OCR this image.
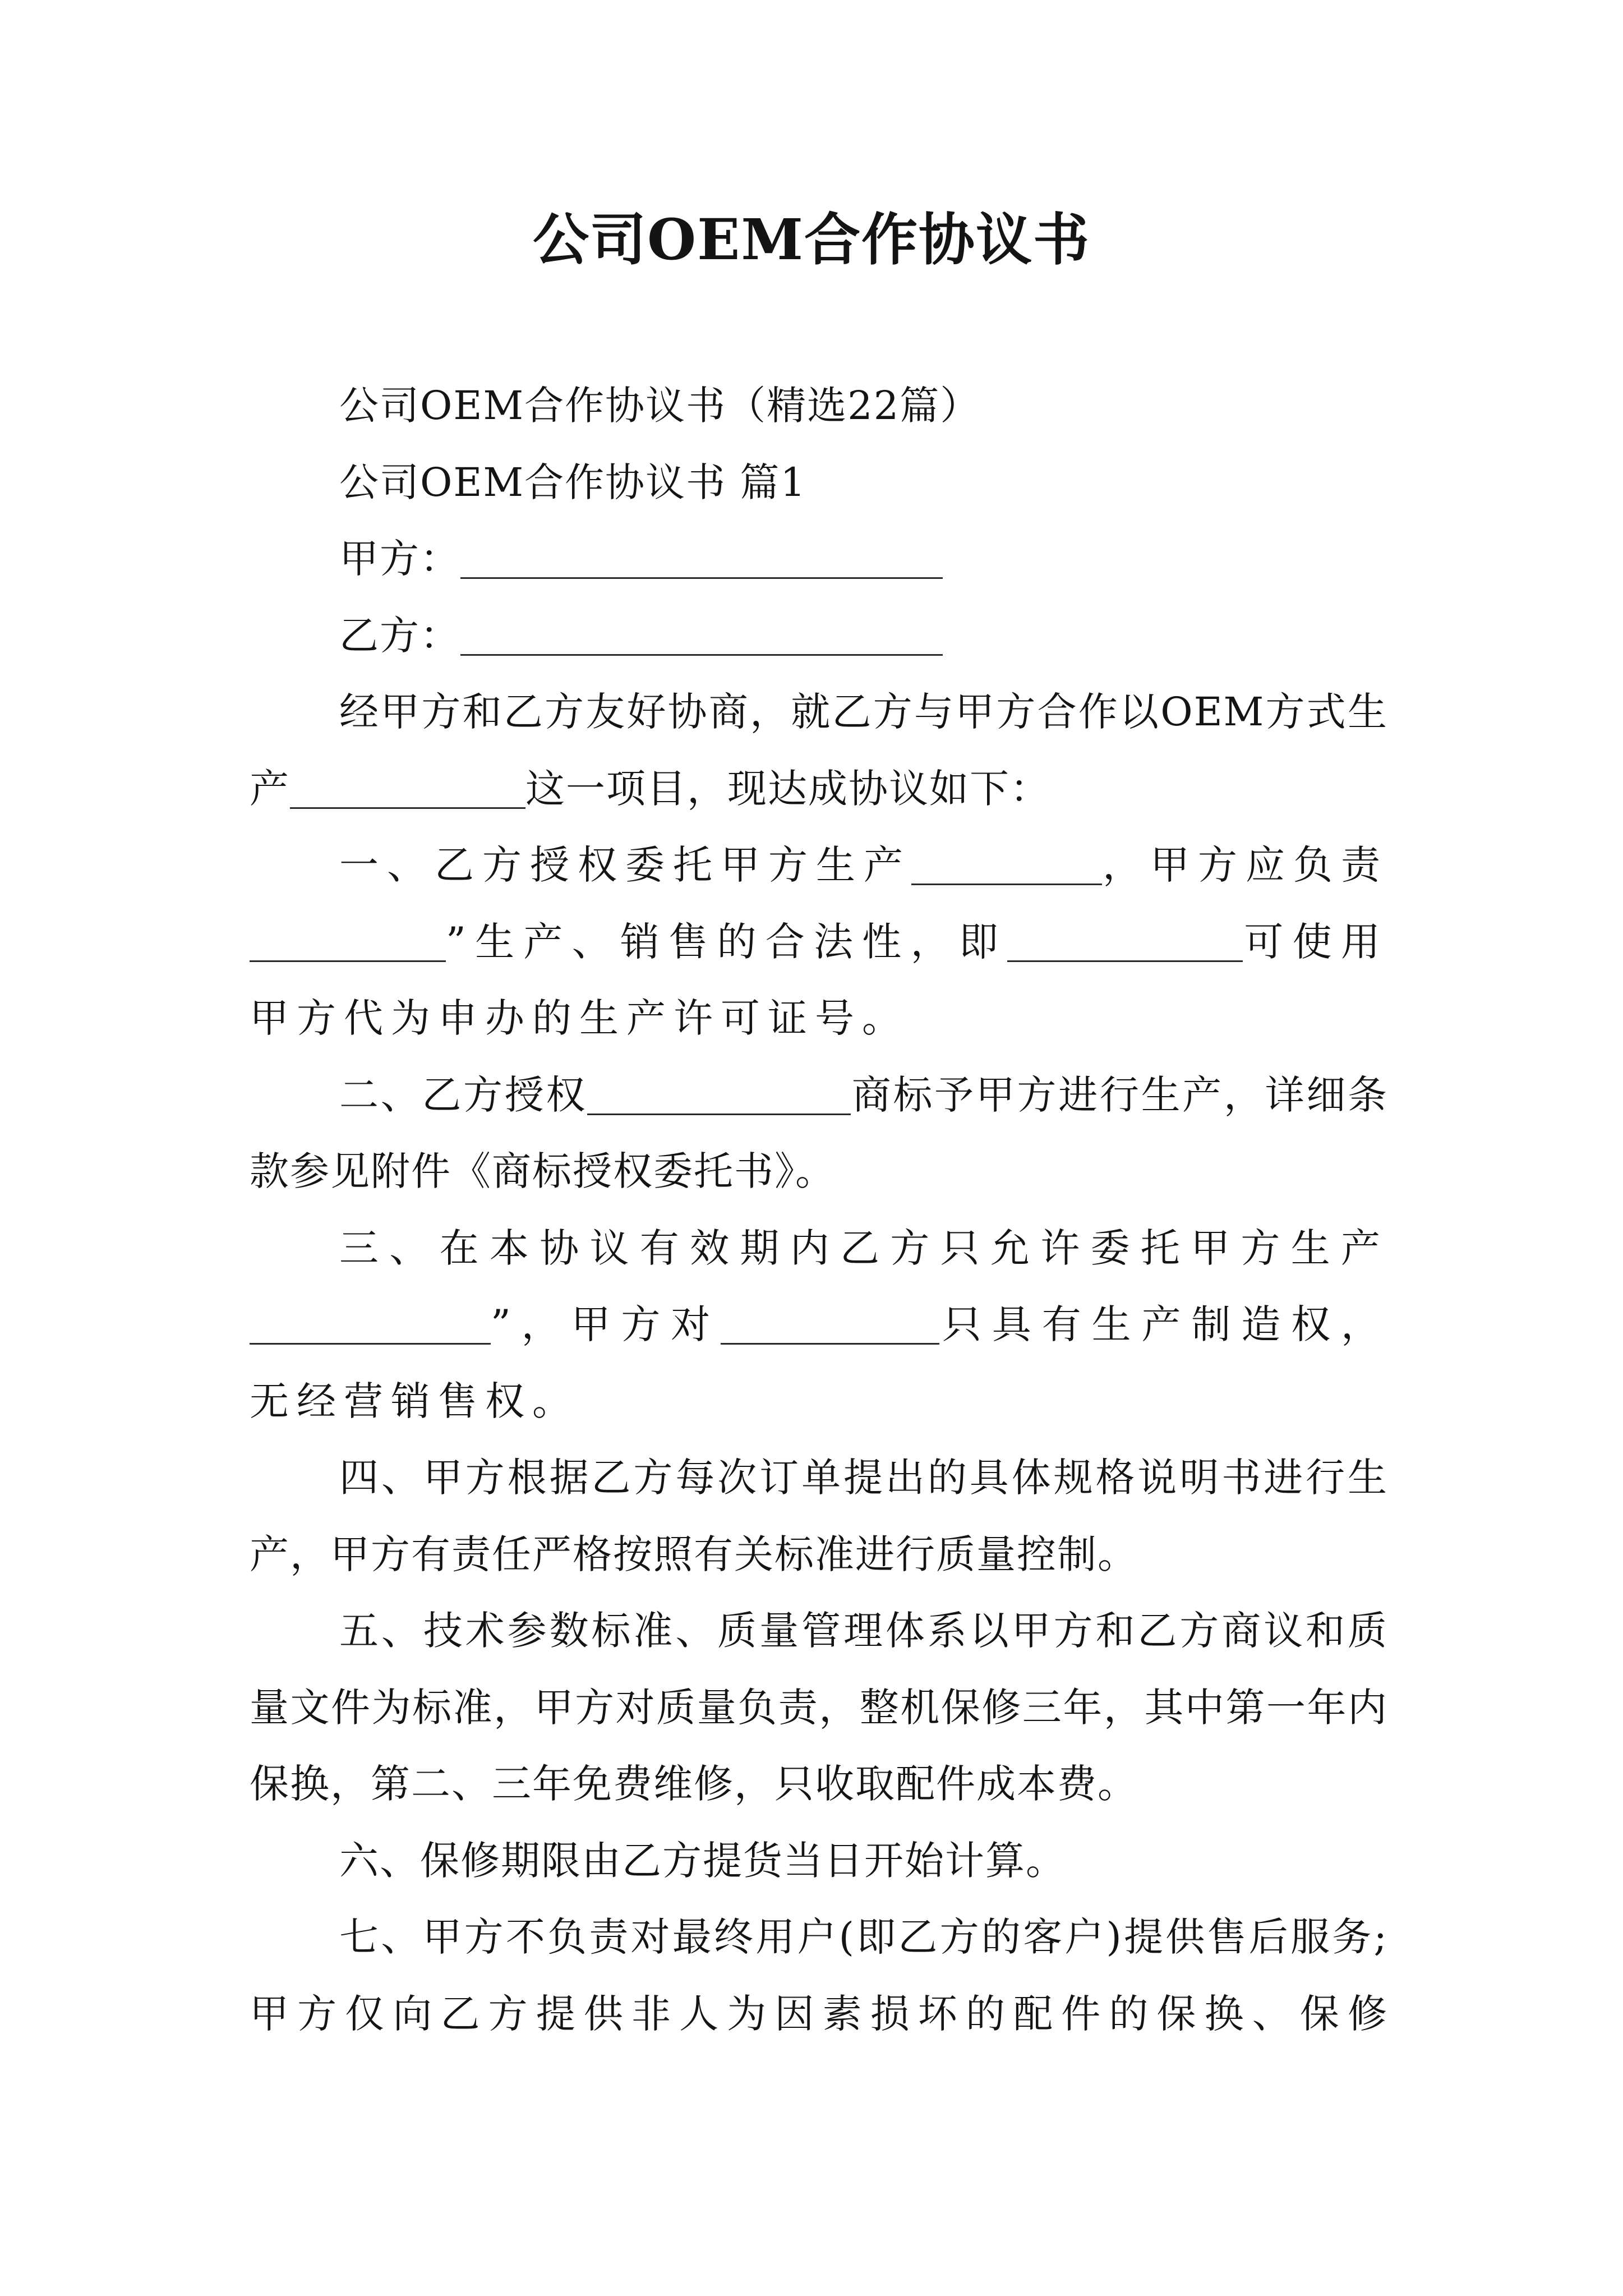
公司OEM合作协议书

公司OEM合作协议书（精选22篇）

公司OEM合作协议书 篇1

甲方：

乙方：

经甲方和乙方友好协商，就乙方与甲方合作以OEM方式生产	这一项目，现达成协议如下：

一、乙方授权委托甲方生产	，甲方应负责”生产、销售的合法性，即	可使用甲方代为申办的生产许可证号。

二、乙方授权	商标予甲方进行生产，详细条款参见附件《商标授权委托书》。

三、在本协议有效期内乙方只允许委托甲方生产”，甲方对	只具有生产制造权，无经营销售权。

四、甲方根据乙方每次订单提出的具体规格说明书进行生产，甲方有责任严格按照有关标准进行质量控制。

五、技术参数标准、质量管理体系以甲方和乙方商议和质量文件为标准，甲方对质量负责，整机保修三年，其中第一年内保换，第二、三年免费维修，只收取配件成本费。

六、保修期限由乙方提货当日开始计算。

七、甲方不负责对最终用户(即乙方的客户)提供售后服务;甲方仅向乙方提供非人为因素损坏的配件的保换、保修
